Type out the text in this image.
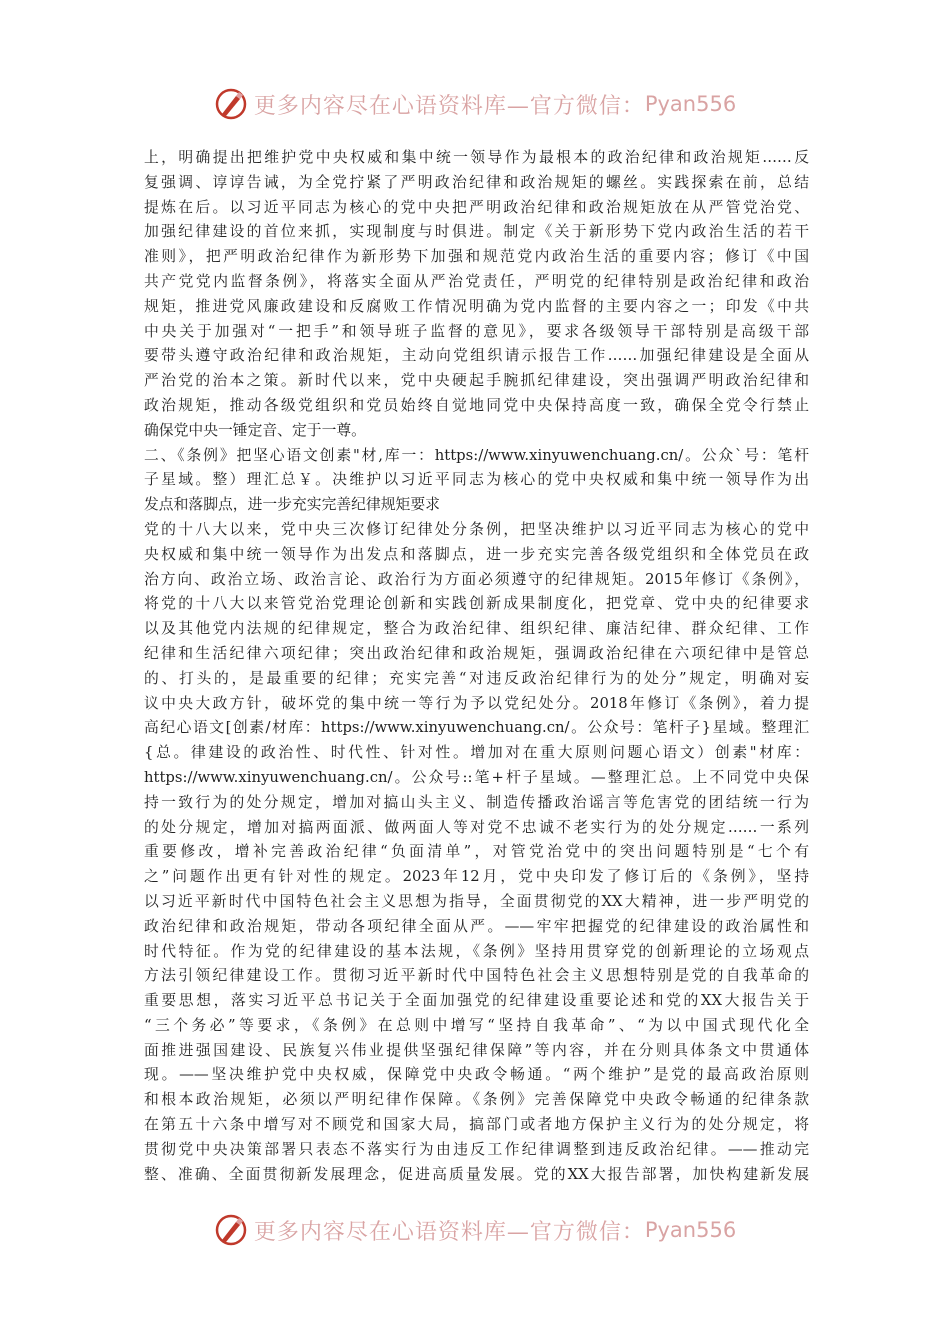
更多内容尽在心语资料库—官方微信： Pyan556
上，明确提出把维护党中央权威和集中统一领导作为最根本的政治纪律和政治规矩……反
复强调、谆谆告诫，为全党拧紧了严明政治纪律和政治规矩的螺丝。实践探索在前，总结
提炼在后。以习近平同志为核心的党中央把严明政治纪律和政治规矩放在从严管党治党、
加强纪律建设的首位来抓，实现制度与时俱进。制定《关于新形势下党内政治生活的若干
准则》，把严明政治纪律作为新形势下加强和规范党内政治生活的重要内容；修订《中国
共产党党内监督条例》，将落实全面从严治党责任，严明党的纪律特别是政治纪律和政治
规矩，推进党风廉政建设和反腐败工作情况明确为党内监督的主要内容之一；印发《中共
中央关于加强对“一把手”和领导班子监督的意见》，要求各级领导干部特别是高级干部
要带头遵守政治纪律和政治规矩，主动向党组织请示报告工作……加强纪律建设是全面从
严治党的治本之策。新时代以来，党中央硬起手腕抓纪律建设，突出强调严明政治纪律和
政治规矩，推动各级党组织和党员始终自觉地同党中央保持高度一致，确保全党令行禁止
确保党中央一锤定音、定于一尊。
二、《条例》把坚心语文创素"材,库一：https://www.xinyuwenchuang.cn/。公众`号：笔杆
子星域。整）理汇总￥。决维护以习近平同志为核心的党中央权威和集中统一领导作为出
发点和落脚点，进一步充实完善纪律规矩要求
党的十八大以来，党中央三次修订纪律处分条例，把坚决维护以习近平同志为核心的党中
央权威和集中统一领导作为出发点和落脚点，进一步充实完善各级党组织和全体党员在政
治方向、政治立场、政治言论、政治行为方面必须遵守的纪律规矩。2015年修订《条例》，
将党的十八大以来管党治党理论创新和实践创新成果制度化，把党章、党中央的纪律要求
以及其他党内法规的纪律规定，整合为政治纪律、组织纪律、廉洁纪律、群众纪律、工作
纪律和生活纪律六项纪律；突出政治纪律和政治规矩，强调政治纪律在六项纪律中是管总
的、打头的，是最重要的纪律；充实完善“对违反政治纪律行为的处分”规定，明确对妄
议中央大政方针，破坏党的集中统一等行为予以党纪处分。2018年修订《条例》，着力提
高纪心语文[创素/材库：https://www.xinyuwenchuang.cn/。公众号：笔杆子}星域。整理汇
{总。律建设的政治性、时代性、针对性。增加对在重大原则问题心语文）创素"材库：
https://www.xinyuwenchuang.cn/。公众号::笔+杆子星域。—整理汇总。上不同党中央保
持一致行为的处分规定，增加对搞山头主义、制造传播政治谣言等危害党的团结统一行为
的处分规定，增加对搞两面派、做两面人等对党不忠诚不老实行为的处分规定……一系列
重要修改，增补完善政治纪律“负面清单”，对管党治党中的突出问题特别是“七个有
之”问题作出更有针对性的规定。2023年12月，党中央印发了修订后的《条例》，坚持
以习近平新时代中国特色社会主义思想为指导，全面贯彻党的XX大精神，进一步严明党的
政治纪律和政治规矩，带动各项纪律全面从严。——牢牢把握党的纪律建设的政治属性和
时代特征。作为党的纪律建设的基本法规，《条例》坚持用贯穿党的创新理论的立场观点
方法引领纪律建设工作。贯彻习近平新时代中国特色社会主义思想特别是党的自我革命的
重要思想，落实习近平总书记关于全面加强党的纪律建设重要论述和党的XX大报告关于
“三个务必”等要求，《条例》在总则中增写“坚持自我革命”、“为以中国式现代化全
面推进强国建设、民族复兴伟业提供坚强纪律保障”等内容，并在分则具体条文中贯通体
现。——坚决维护党中央权威，保障党中央政令畅通。“两个维护”是党的最高政治原则
和根本政治规矩，必须以严明纪律作保障。《条例》完善保障党中央政令畅通的纪律条款
在第五十六条中增写对不顾党和国家大局，搞部门或者地方保护主义行为的处分规定，将
贯彻党中央决策部署只表态不落实行为由违反工作纪律调整到违反政治纪律。——推动完
整、准确、全面贯彻新发展理念，促进高质量发展。党的XX大报告部署，加快构建新发展
更多内容尽在心语资料库—官方微信： Pyan556
